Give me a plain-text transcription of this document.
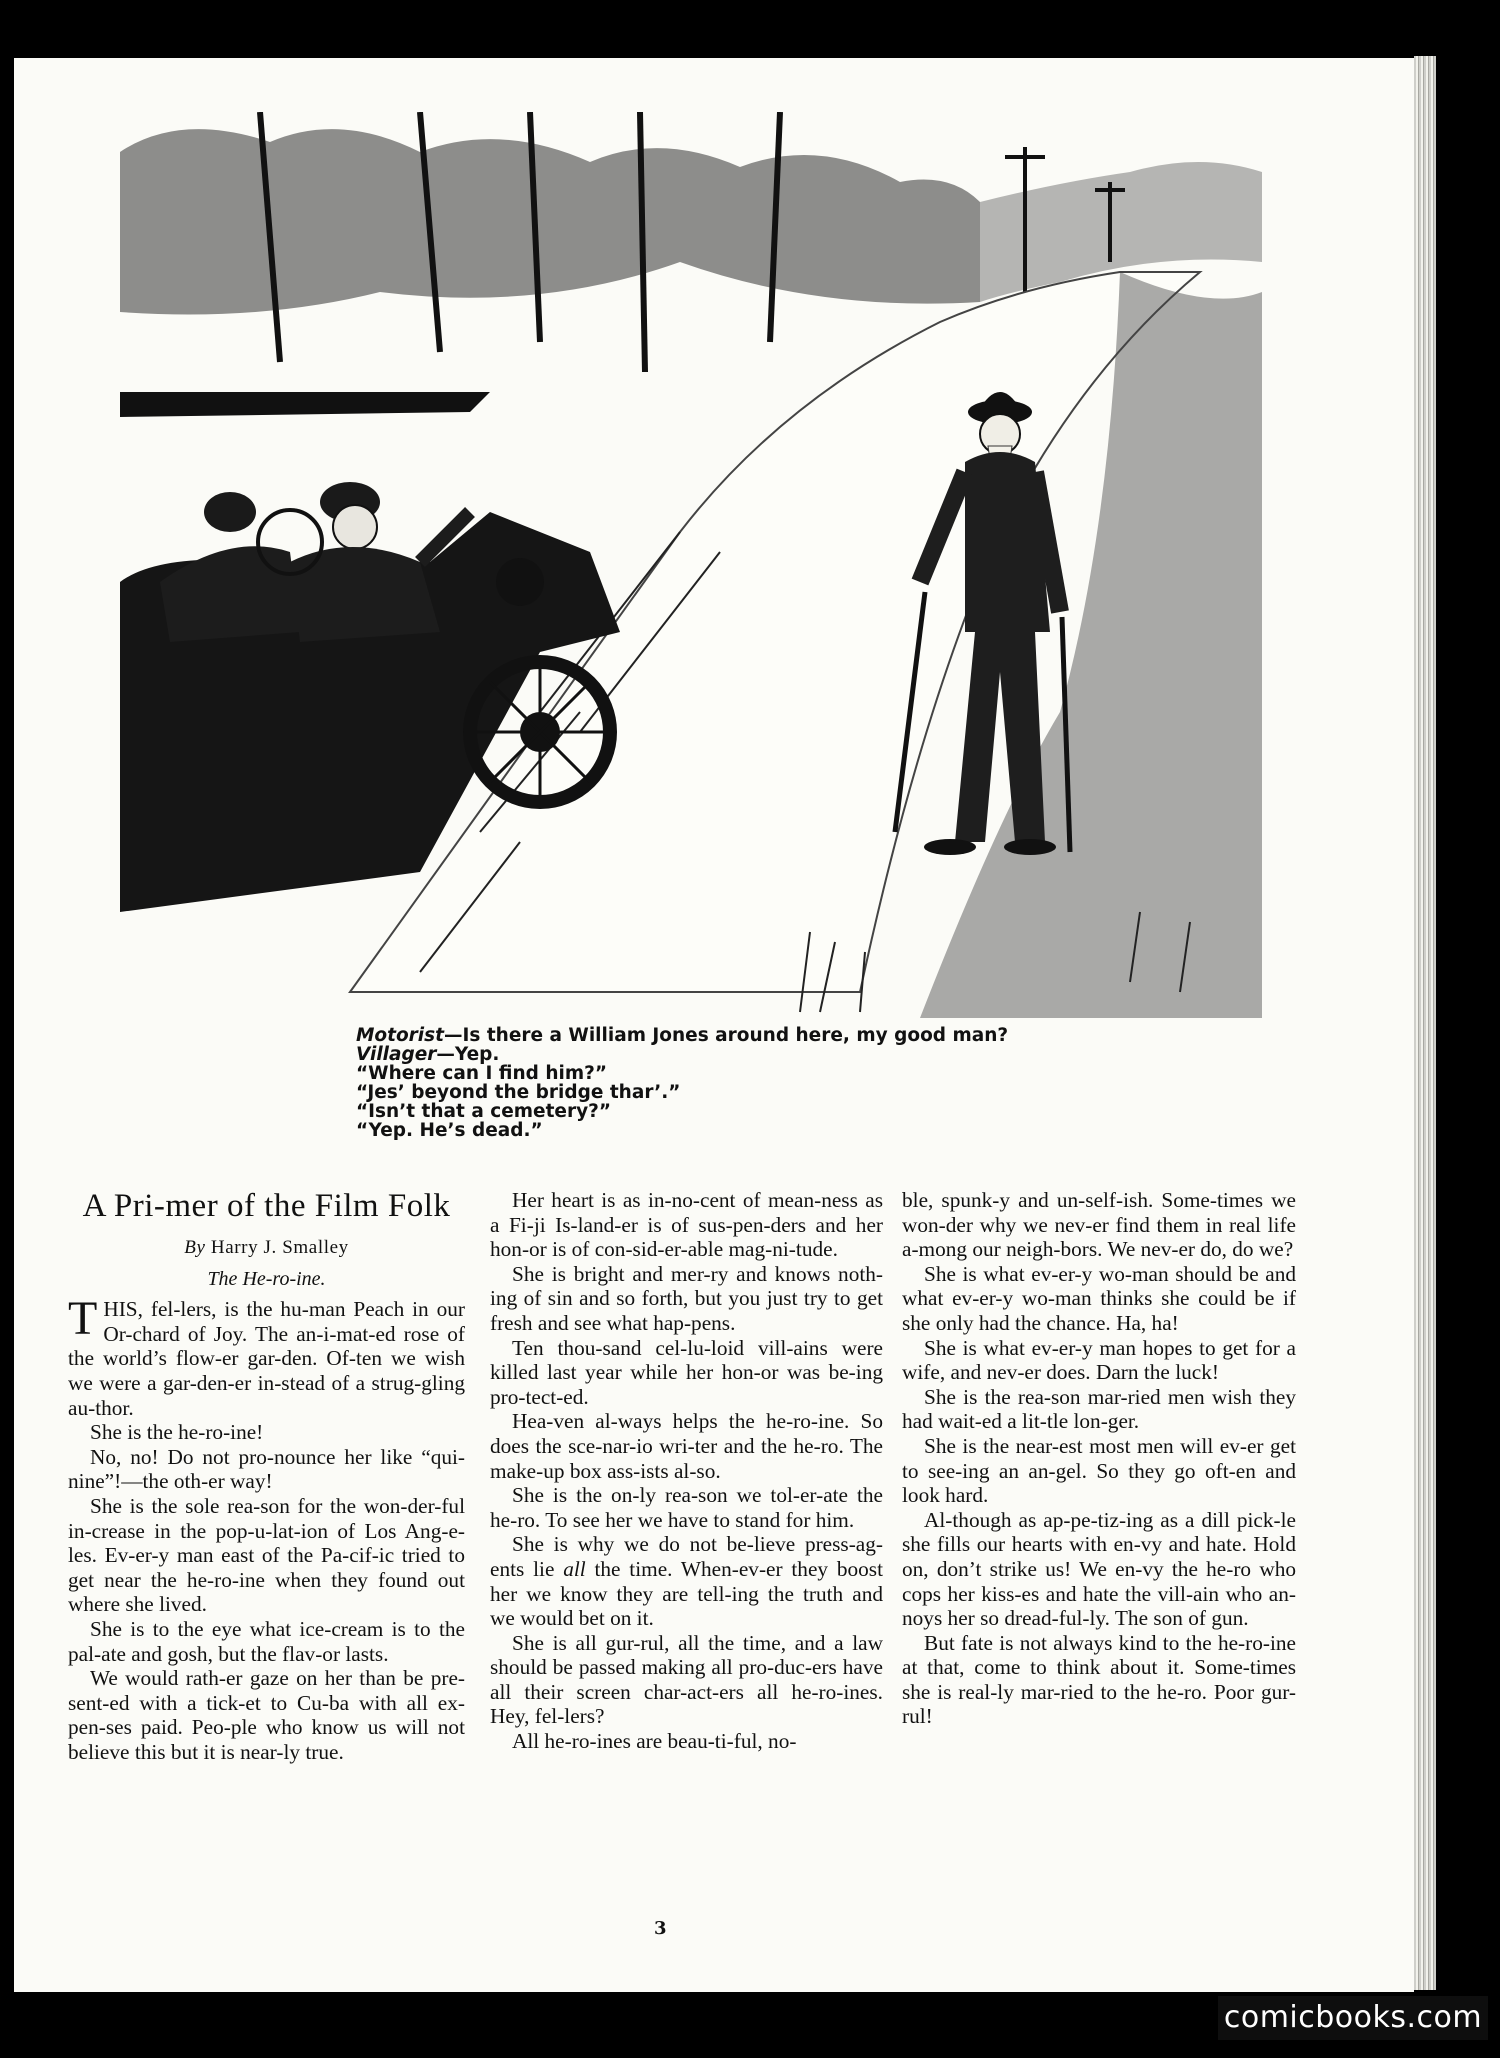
Motorist—Is there a William Jones around here, my good man?
Villager—Yep.
“Where can I find him?”
“Jes’ beyond the bridge thar’.”
“Isn’t that a cemetery?”
“Yep. He’s dead.”
A Pri-mer of the Film Folk
By Harry J. Smalley
The He-ro-ine.

THIS, fel-lers, is the hu-man Peach in our Or-chard of Joy. The an-i-mat-ed rose of the world’s flow-er gar-den. Of-ten we wish we were a gar-den-er in-stead of a strug-gling au-thor.

She is the he-ro-ine!

No, no! Do not pro-nounce her like “qui-nine”!—the oth-er way!

She is the sole rea-son for the won-der-ful in-crease in the pop-u-lat-ion of Los Ang-e-les. Ev-er-y man east of the Pa-cif-ic tried to get near the he-ro-ine when they found out where she lived.

She is to the eye what ice-cream is to the pal-ate and gosh, but the flav-or lasts.

We would rath-er gaze on her than be pre-sent-ed with a tick-et to Cu-ba with all ex-pen-ses paid. Peo-ple who know us will not believe this but it is near-ly true.

Her heart is as in-no-cent of mean-ness as a Fi-ji Is-land-er is of sus-pen-ders and her hon-or is of con-sid-er-able mag-ni-tude.

She is bright and mer-ry and knows noth-ing of sin and so forth, but you just try to get fresh and see what hap-pens.

Ten thou-sand cel-lu-loid vill-ains were killed last year while her hon-or was be-ing pro-tect-ed.

Hea-ven al-ways helps the he-ro-ine. So does the sce-nar-io wri-ter and the he-ro. The make-up box ass-ists al-so.

She is the on-ly rea-son we tol-er-ate the he-ro. To see her we have to stand for him.

She is why we do not be-lieve press-ag-ents lie all the time. When-ev-er they boost her we know they are tell-ing the truth and we would bet on it.

She is all gur-rul, all the time, and a law should be passed making all pro-duc-ers have all their screen char-act-ers all he-ro-ines. Hey, fel-lers?

All he-ro-ines are beau-ti-ful, no-

ble, spunk-y and un-self-ish. Some-times we won-der why we nev-er find them in real life a-mong our neigh-bors. We nev-er do, do we?

She is what ev-er-y wo-man should be and what ev-er-y wo-man thinks she could be if she only had the chance. Ha, ha!

She is what ev-er-y man hopes to get for a wife, and nev-er does. Darn the luck!

She is the rea-son mar-ried men wish they had wait-ed a lit-tle lon-ger.

She is the near-est most men will ev-er get to see-ing an an-gel. So they go oft-en and look hard.

Al-though as ap-pe-tiz-ing as a dill pick-le she fills our hearts with en-vy and hate. Hold on, don’t strike us! We en-vy the he-ro who cops her kiss-es and hate the vill-ain who an-noys her so dread-ful-ly. The son of gun.

But fate is not always kind to the he-ro-ine at that, come to think about it. Some-times she is real-ly mar-ried to the he-ro. Poor gur-rul!

3
comicbooks.com
